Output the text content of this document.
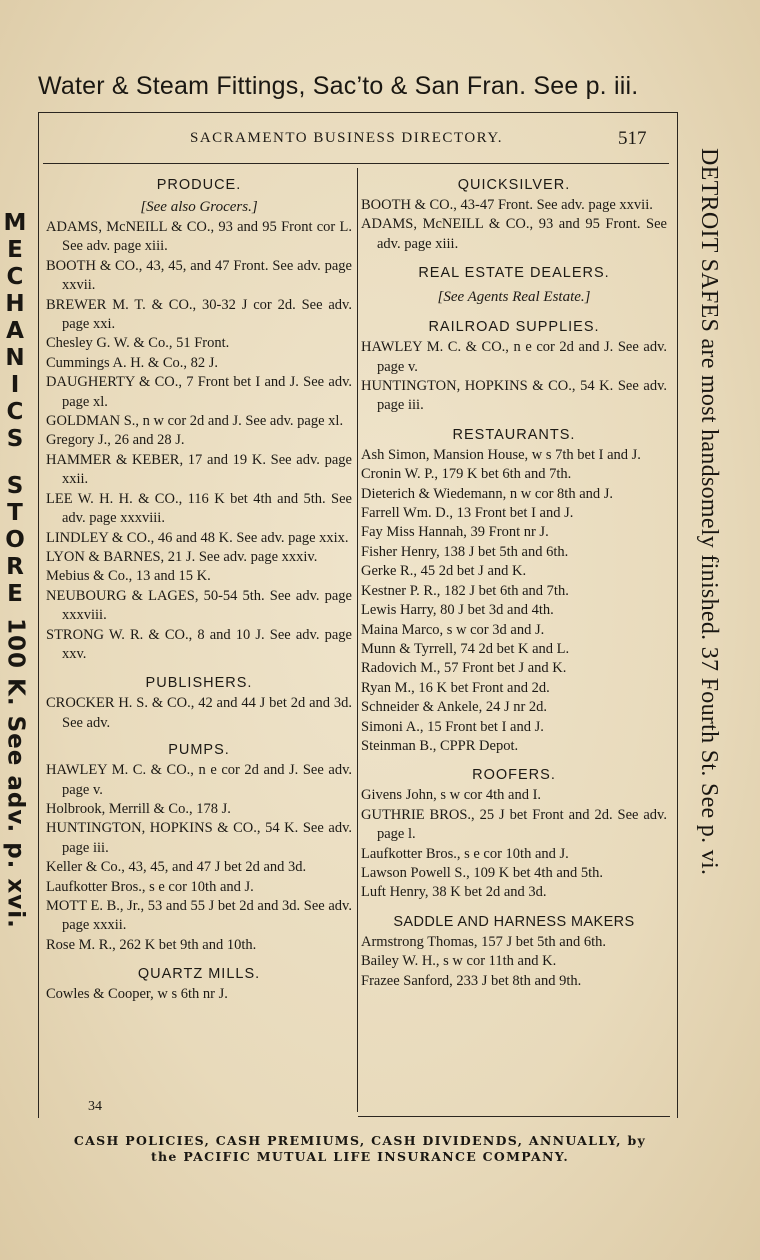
Water & Steam Fittings, Sac’to & San Fran. See p. iii.
M
E
C
H
A
N
I
C
S
S
T
O
R
E
100 K. See adv. p. xvi.	DETROIT SAFES are most handsomely finished. 37 Fourth St. See p. vi.
SACRAMENTO BUSINESS DIRECTORY.	517
PRODUCE.
[See also Grocers.]
ADAMS, McNEILL & CO., 93 and 95 Front cor L. See adv. page xiii.
BOOTH & CO., 43, 45, and 47 Front. See adv. page xxvii.
BREWER M. T. & CO., 30-32 J cor 2d. See adv. page xxi.
Chesley G. W. & Co., 51 Front.
Cummings A. H. & Co., 82 J.
DAUGHERTY & CO., 7 Front bet I and J. See adv. page xl.
GOLDMAN S., n w cor 2d and J. See adv. page xl.
Gregory J., 26 and 28 J.
HAMMER & KEBER, 17 and 19 K. See adv. page xxii.
LEE W. H. H. & CO., 116 K bet 4th and 5th. See adv. page xxxviii.
LINDLEY & CO., 46 and 48 K. See adv. page xxix.
LYON & BARNES, 21 J. See adv. page xxxiv.
Mebius & Co., 13 and 15 K.
NEUBOURG & LAGES, 50-54 5th. See adv. page xxxviii.
STRONG W. R. & CO., 8 and 10 J. See adv. page xxv.
PUBLISHERS.
CROCKER H. S. & CO., 42 and 44 J bet 2d and 3d. See adv.
PUMPS.
HAWLEY M. C. & CO., n e cor 2d and J. See adv. page v.
Holbrook, Merrill & Co., 178 J.
HUNTINGTON, HOPKINS & CO., 54 K. See adv. page iii.
Keller & Co., 43, 45, and 47 J bet 2d and 3d.
Laufkotter Bros., s e cor 10th and J.
MOTT E. B., Jr., 53 and 55 J bet 2d and 3d. See adv. page xxxii.
Rose M. R., 262 K bet 9th and 10th.
QUARTZ MILLS.
Cowles & Cooper, w s 6th nr J.
34
QUICKSILVER.
BOOTH & CO., 43-47 Front. See adv. page xxvii.
ADAMS, McNEILL & CO., 93 and 95 Front. See adv. page xiii.
REAL ESTATE DEALERS.
[See Agents Real Estate.]
RAILROAD SUPPLIES.
HAWLEY M. C. & CO., n e cor 2d and J. See adv. page v.
HUNTINGTON, HOPKINS & CO., 54 K. See adv. page iii.
RESTAURANTS.
Ash Simon, Mansion House, w s 7th bet I and J.
Cronin W. P., 179 K bet 6th and 7th.
Dieterich & Wiedemann, n w cor 8th and J.
Farrell Wm. D., 13 Front bet I and J.
Fay Miss Hannah, 39 Front nr J.
Fisher Henry, 138 J bet 5th and 6th.
Gerke R., 45 2d bet J and K.
Kestner P. R., 182 J bet 6th and 7th.
Lewis Harry, 80 J bet 3d and 4th.
Maina Marco, s w cor 3d and J.
Munn & Tyrrell, 74 2d bet K and L.
Radovich M., 57 Front bet J and K.
Ryan M., 16 K bet Front and 2d.
Schneider & Ankele, 24 J nr 2d.
Simoni A., 15 Front bet I and J.
Steinman B., CPPR Depot.
ROOFERS.
Givens John, s w cor 4th and I.
GUTHRIE BROS., 25 J bet Front and 2d. See adv. page l.
Laufkotter Bros., s e cor 10th and J.
Lawson Powell S., 109 K bet 4th and 5th.
Luft Henry, 38 K bet 2d and 3d.
SADDLE AND HARNESS MAKERS
Armstrong Thomas, 157 J bet 5th and 6th.
Bailey W. H., s w cor 11th and K.
Frazee Sanford, 233 J bet 8th and 9th.
CASH POLICIES, CASH PREMIUMS, CASH DIVIDENDS, ANNUALLY, by
the PACIFIC MUTUAL LIFE INSURANCE COMPANY.
